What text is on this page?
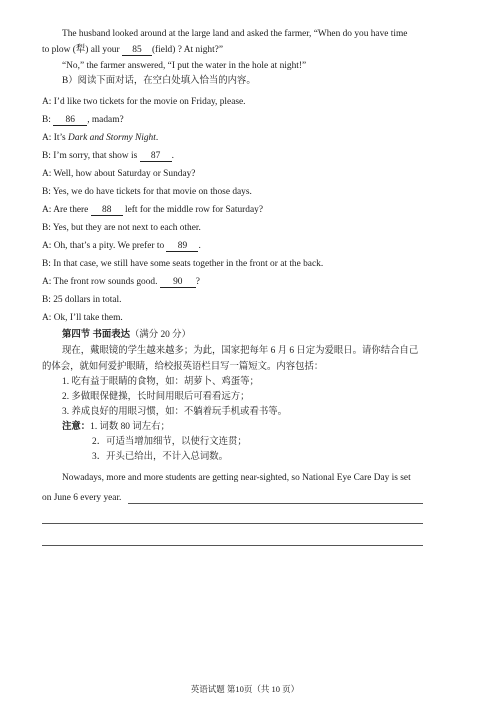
The husband looked around at the large land and asked the farmer, “When do you have time
to plow (犁) all your 85 (field) ? At night?”
“No,” the farmer answered, “I put the water in the hole at night!”
B）阅读下面对话，在空白处填入恰当的内容。
A: I’d like two tickets for the movie on Friday, please.
B: 86 , madam?
A: It’s Dark and Stormy Night.
B: I’m sorry, that show is 87 .
A: Well, how about Saturday or Sunday?
B: Yes, we do have tickets for that movie on those days.
A: Are there 88 left for the middle row for Saturday?
B: Yes, but they are not next to each other.
A: Oh, that’s a pity. We prefer to 89 .
B: In that case, we still have some seats together in the front or at the back.
A: The front row sounds good. 90 ?
B: 25 dollars in total.
A: Ok, I’ll take them.
第四节 书面表达（满分 20 分）
现在，戴眼镜的学生越来越多；为此，国家把每年 6 月 6 日定为爱眼日。请你结合自己
的体会，就如何爱护眼睛，给校报英语栏目写一篇短文。内容包括：
1. 吃有益于眼睛的食物，如：胡萝卜、鸡蛋等；
2. 多做眼保健操，长时间用眼后可看看远方；
3. 养成良好的用眼习惯，如：不躺着玩手机或看书等。
注意：1. 词数 80 词左右；
2．可适当增加细节，以使行文连贯；
3．开头已给出，不计入总词数。
Nowadays, more and more students are getting near-sighted, so National Eye Care Day is set
on June 6 every year.
英语试题 第10页（共 10 页）
